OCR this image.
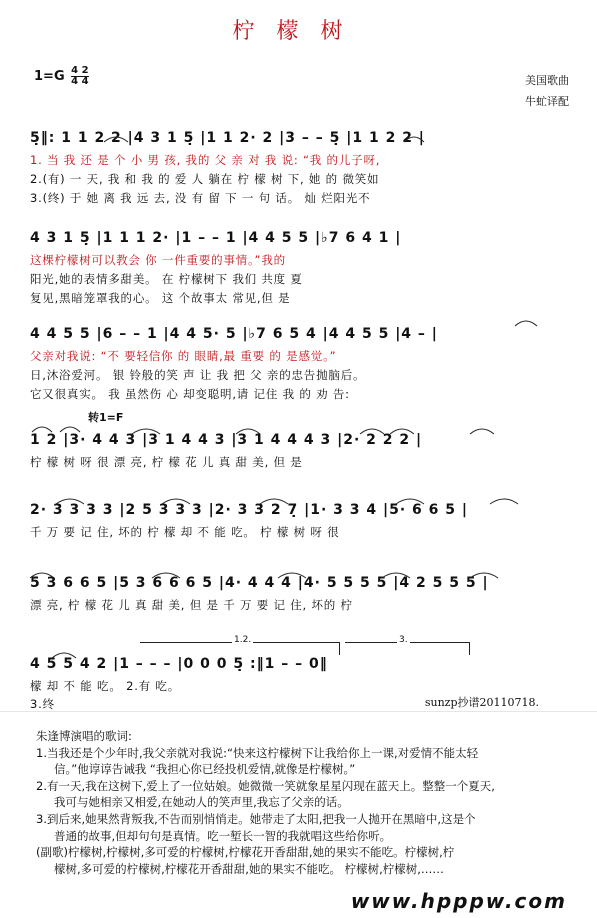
柠檬树
$1=G \frac{4 2}{4 4}$	美国歌曲
牛虻译配
5̣‖: 1 1 2 2 |4 3 1 5̣ |1 1 2· 2 |3 – – 5̣ |1 1 2 2 |
1. 当 我 还 是 个 小 男 孩, 我的 父 亲 对 我 说: “我 的儿子呀,
2.(有) 一 天, 我 和 我 的 爱 人 躺在 柠 檬 树 下, 她 的 微笑如
3.(终) 于 她 离 我 远 去, 没 有 留 下 一 句 话。 灿 烂阳光不
4 3 1 5̣ |1 1 1 2· |1 – – 1 |4 4 5 5 |♭7 6 4 1 |
这棵柠檬树可以教会 你 一件重要的事情。”我的
阳光,她的表情多甜美。 在 柠檬树下 我们 共度 夏
复见,黑暗笼罩我的心。 这 个故事太 常见,但 是
4 4 5 5 |6 – – 1 |4 4 5· 5 |♭7 6 5 4 |4 4 5 5 |4 – |
父亲对我说: “不 要轻信你 的 眼睛,最 重要 的 是感觉。”
日,沐浴爱河。 银 铃般的笑 声 让 我 把 父 亲的忠告抛脑后。
它又很真实。 我 虽然伤 心 却变聪明,请 记住 我 的 劝 告:
转1=F
1 2 |3· 4 4 3 |3 1 4 4 3 |3 1 4 4 4 3 |2· 2 2 2 |
柠 檬 树 呀 很 漂 亮, 柠 檬 花 儿 真 甜 美, 但 是
2· 3 3 3 3 |2 5 3 3 3 |2· 3 3 2 7̣ |1· 3 3 4 |5· 6 6 5 |
千 万 要 记 住, 坏的 柠 檬 却 不 能 吃。 柠 檬 树 呀 很
5 3 6 6 5 |5 3 6 6 6 5 |4· 4 4 4 |4· 5 5 5 5 |4 2 5 5 5 |
漂 亮, 柠 檬 花 儿 真 甜 美, 但 是 千 万 要 记 住, 坏的 柠
1.2.	3.
4 5 5 4 2 |1 – – – |0 0 0 5̣ :‖1 – – 0‖
檬 却 不 能 吃。 2.有 吃。
3.终	sunzp抄谱20110718.

朱逢博演唱的歌词:

1.当我还是个少年时,我父亲就对我说:“快来这柠檬树下让我给你上一课,对爱情不能太轻

信。”他谆谆告诫我 “我担心你已经投机爱情,就像是柠檬树。”

2.有一天,我在这树下,爱上了一位姑娘。她微微一笑就象星星闪现在蓝天上。整整一个夏天,

我可与她相亲又相爱,在她动人的笑声里,我忘了父亲的话。

3.到后来,她果然背叛我,不告而别悄悄走。她带走了太阳,把我一人抛开在黑暗中,这是个

普通的故事,但却句句是真情。吃一堑长一智的我就唱这些给你听。

(副歌)柠檬树,柠檬树,多可爱的柠檬树,柠檬花开香甜甜,她的果实不能吃。柠檬树,柠

檬树,多可爱的柠檬树,柠檬花开香甜甜,她的果实不能吃。 柠檬树,柠檬树,……

www.hpppw.com
